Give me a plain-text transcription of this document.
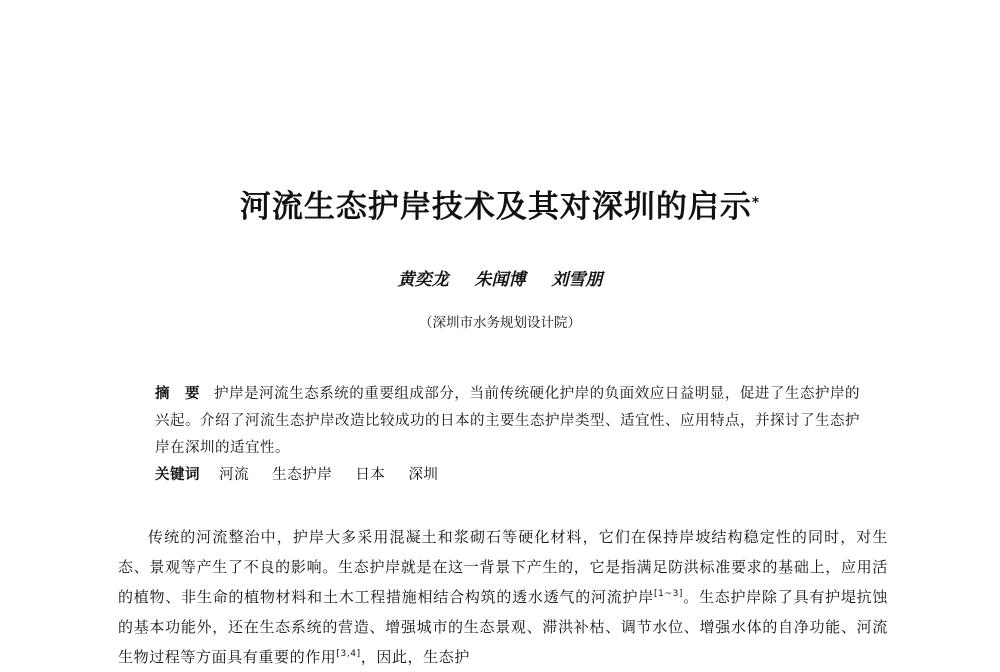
河流生态护岸技术及其对深圳的启示*
黄奕龙 朱闻博 刘雪朋
（深圳市水务规划设计院）
摘　要 护岸是河流生态系统的重要组成部分，当前传统硬化护岸的负面效应日益明显，促进了生态护岸的兴起。介绍了河流生态护岸改造比较成功的日本的主要生态护岸类型、适宜性、应用特点，并探讨了生态护岸在深圳的适宜性。
关键词 河流 生态护岸 日本 深圳
传统的河流整治中，护岸大多采用混凝土和浆砌石等硬化材料，它们在保持岸坡结构稳定性的同时，对生态、景观等产生了不良的影响。生态护岸就是在这一背景下产生的，它是指满足防洪标准要求的基础上，应用活的植物、非生命的植物材料和土木工程措施相结合构筑的透水透气的河流护岸[1~3]。生态护岸除了具有护堤抗蚀的基本功能外，还在生态系统的营造、增强城市的生态景观、滞洪补枯、调节水位、增强水体的自净功能、河流生物过程等方面具有重要的作用[3,4]，因此，生态护
